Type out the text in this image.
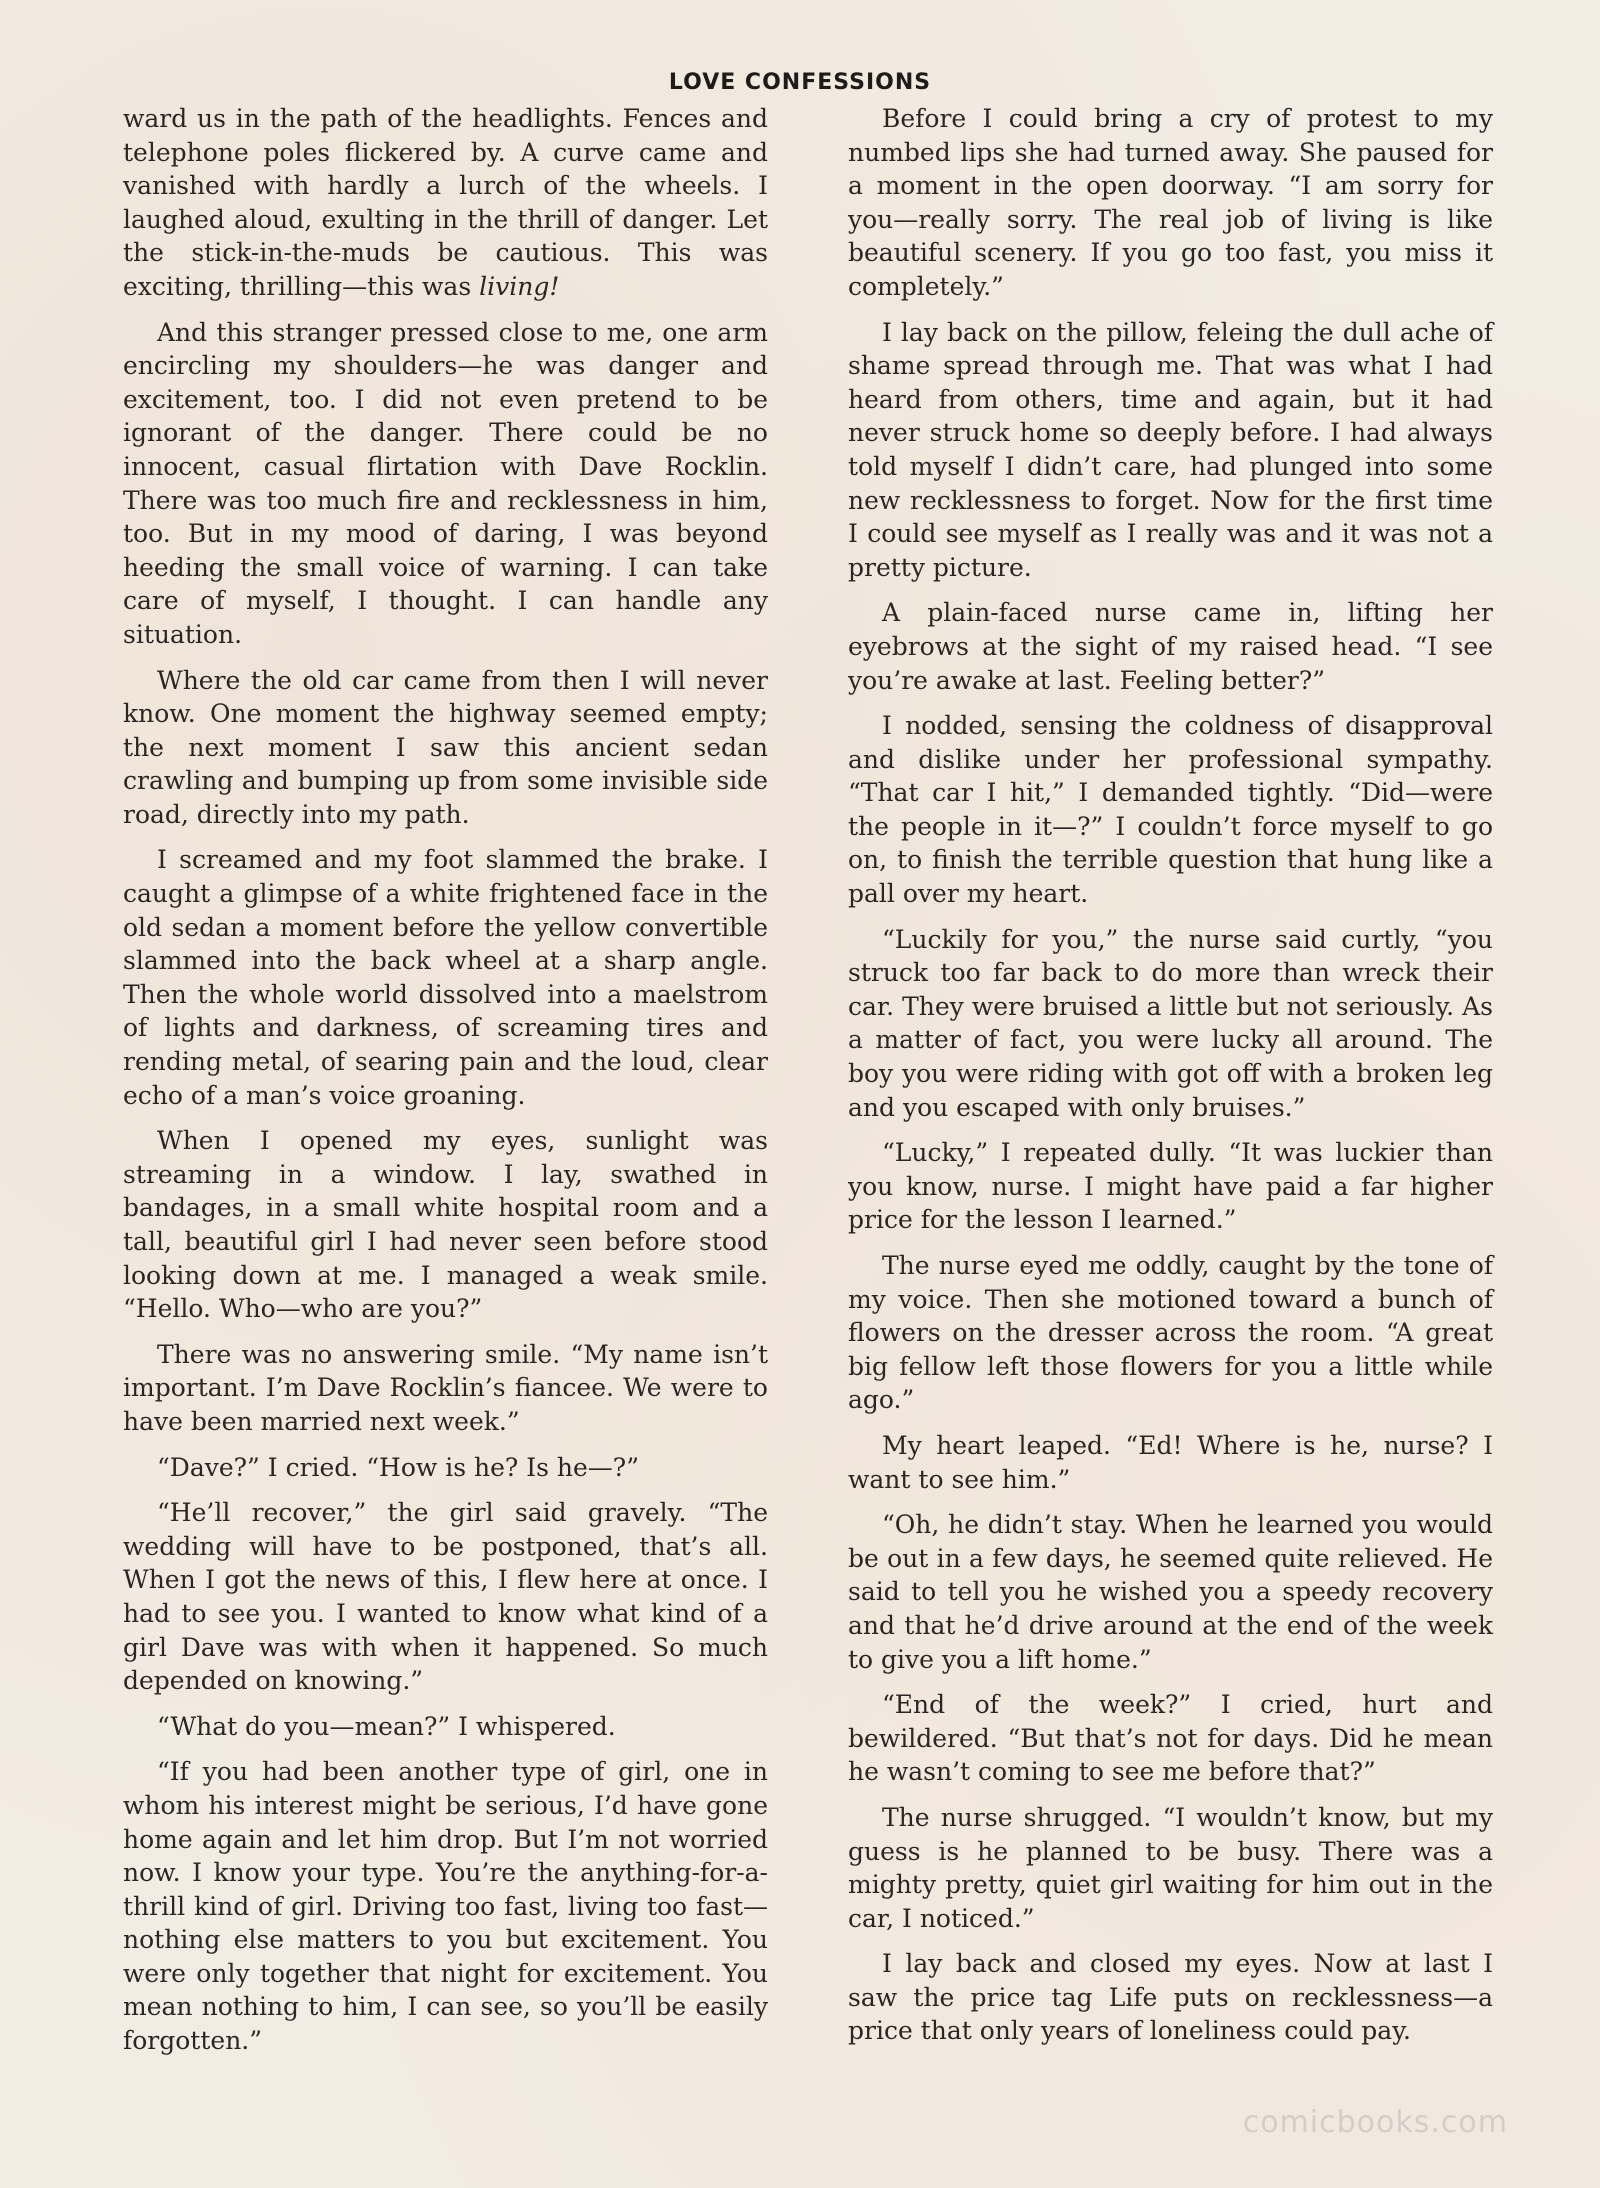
LOVE CONFESSIONS

ward us in the path of the headlights. Fences and telephone poles flickered by. A curve came and vanished with hardly a lurch of the wheels. I laughed aloud, exulting in the thrill of danger. Let the stick-in-the-muds be cautious. This was exciting, thrilling—this was living!

And this stranger pressed close to me, one arm encircling my shoulders—he was danger and excitement, too. I did not even pretend to be ignorant of the danger. There could be no innocent, casual flirtation with Dave Rocklin. There was too much fire and recklessness in him, too. But in my mood of daring, I was beyond heeding the small voice of warning. I can take care of myself, I thought. I can handle any situation.

Where the old car came from then I will never know. One moment the highway seemed empty; the next moment I saw this ancient sedan crawling and bumping up from some invisible side road, directly into my path.

I screamed and my foot slammed the brake. I caught a glimpse of a white frightened face in the old sedan a moment before the yellow convertible slammed into the back wheel at a sharp angle. Then the whole world dissolved into a maelstrom of lights and darkness, of screaming tires and rending metal, of searing pain and the loud, clear echo of a man’s voice groaning.

When I opened my eyes, sunlight was streaming in a window. I lay, swathed in bandages, in a small white hospital room and a tall, beautiful girl I had never seen before stood looking down at me. I managed a weak smile. “Hello. Who—who are you?”

There was no answering smile. “My name isn’t important. I’m Dave Rocklin’s fiancee. We were to have been married next week.”

“Dave?” I cried. “How is he? Is he—?”

“He’ll recover,” the girl said gravely. “The wedding will have to be postponed, that’s all. When I got the news of this, I flew here at once. I had to see you. I wanted to know what kind of a girl Dave was with when it happened. So much depended on knowing.”

“What do you—mean?” I whispered.

“If you had been another type of girl, one in whom his interest might be serious, I’d have gone home again and let him drop. But I’m not worried now. I know your type. You’re the anything-for-a-thrill kind of girl. Driving too fast, living too fast—nothing else matters to you but excitement. You were only together that night for excitement. You mean nothing to him, I can see, so you’ll be easily forgotten.”

Before I could bring a cry of protest to my numbed lips she had turned away. She paused for a moment in the open doorway. “I am sorry for you—really sorry. The real job of living is like beautiful scenery. If you go too fast, you miss it completely.”

I lay back on the pillow, feleing the dull ache of shame spread through me. That was what I had heard from others, time and again, but it had never struck home so deeply before. I had always told myself I didn’t care, had plunged into some new recklessness to forget. Now for the first time I could see myself as I really was and it was not a pretty picture.

A plain-faced nurse came in, lifting her eyebrows at the sight of my raised head. “I see you’re awake at last. Feeling better?”

I nodded, sensing the coldness of disapproval and dislike under her professional sympathy. “That car I hit,” I demanded tightly. “Did—were the people in it—?” I couldn’t force myself to go on, to finish the terrible question that hung like a pall over my heart.

“Luckily for you,” the nurse said curtly, “you struck too far back to do more than wreck their car. They were bruised a little but not seriously. As a matter of fact, you were lucky all around. The boy you were riding with got off with a broken leg and you escaped with only bruises.”

“Lucky,” I repeated dully. “It was luckier than you know, nurse. I might have paid a far higher price for the lesson I learned.”

The nurse eyed me oddly, caught by the tone of my voice. Then she motioned toward a bunch of flowers on the dresser across the room. “A great big fellow left those flowers for you a little while ago.”

My heart leaped. “Ed! Where is he, nurse? I want to see him.”

“Oh, he didn’t stay. When he learned you would be out in a few days, he seemed quite relieved. He said to tell you he wished you a speedy recovery and that he’d drive around at the end of the week to give you a lift home.”

“End of the week?” I cried, hurt and bewildered. “But that’s not for days. Did he mean he wasn’t coming to see me before that?”

The nurse shrugged. “I wouldn’t know, but my guess is he planned to be busy. There was a mighty pretty, quiet girl waiting for him out in the car, I noticed.”

I lay back and closed my eyes. Now at last I saw the price tag Life puts on recklessness—a price that only years of loneliness could pay.

comicbooks.com
